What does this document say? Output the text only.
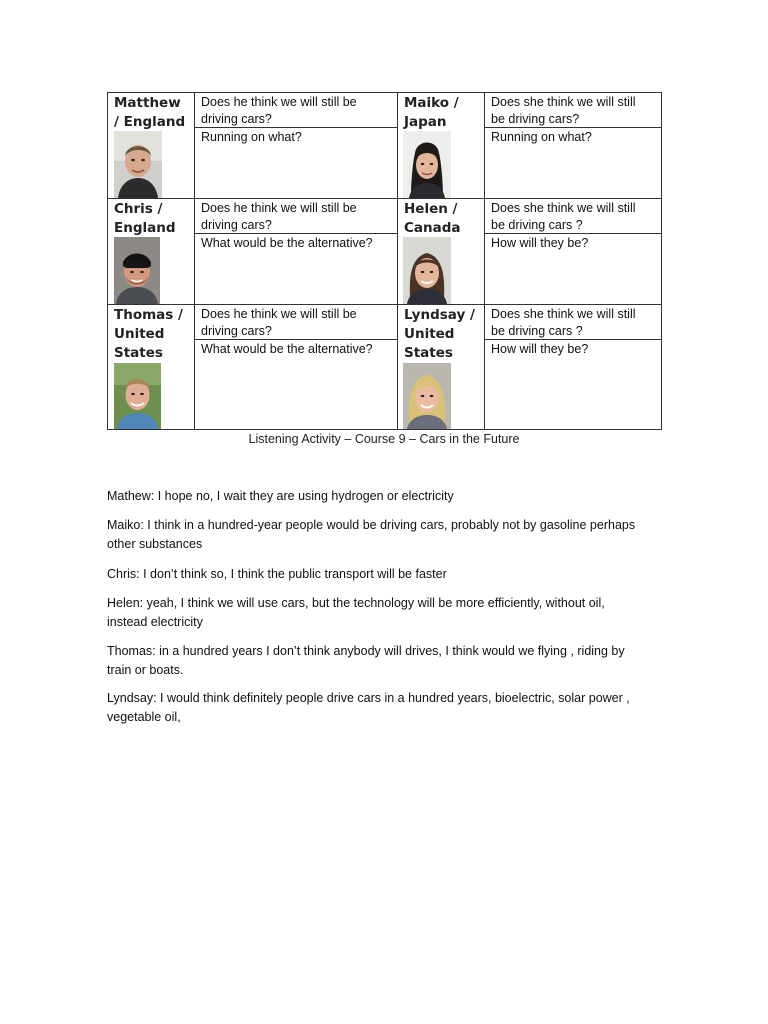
Matthew
/ England
Does he think we will still be
driving cars?
Running on what?
Maiko /
Japan
Does she think we will still
be driving cars?
Running on what?
Chris /
England
Does he think we will still be
driving cars?
What would be the alternative?
Helen /
Canada
Does she think we will still
be driving cars ?
How will they be?
Thomas /
United
States
Does he think we will still be
driving cars?
What would be the alternative?
Lyndsay /
United
States
Does she think we will still
be driving cars ?
How will they be?
Listening Activity – Course 9 – Cars in the Future
Mathew: I hope no, I wait they are using hydrogen or electricity
Maiko: I think in a hundred-year people would be driving cars, probably not by gasoline perhaps
other substances
Chris: I don’t think so, I think the public transport will be faster
Helen: yeah, I think we will use cars, but the technology will be more efficiently, without oil,
instead electricity
Thomas: in a hundred years I don’t think anybody will drives, I think would we flying , riding by
train or boats.
Lyndsay: I would think definitely people drive cars in a hundred years, bioelectric, solar power ,
vegetable oil,
